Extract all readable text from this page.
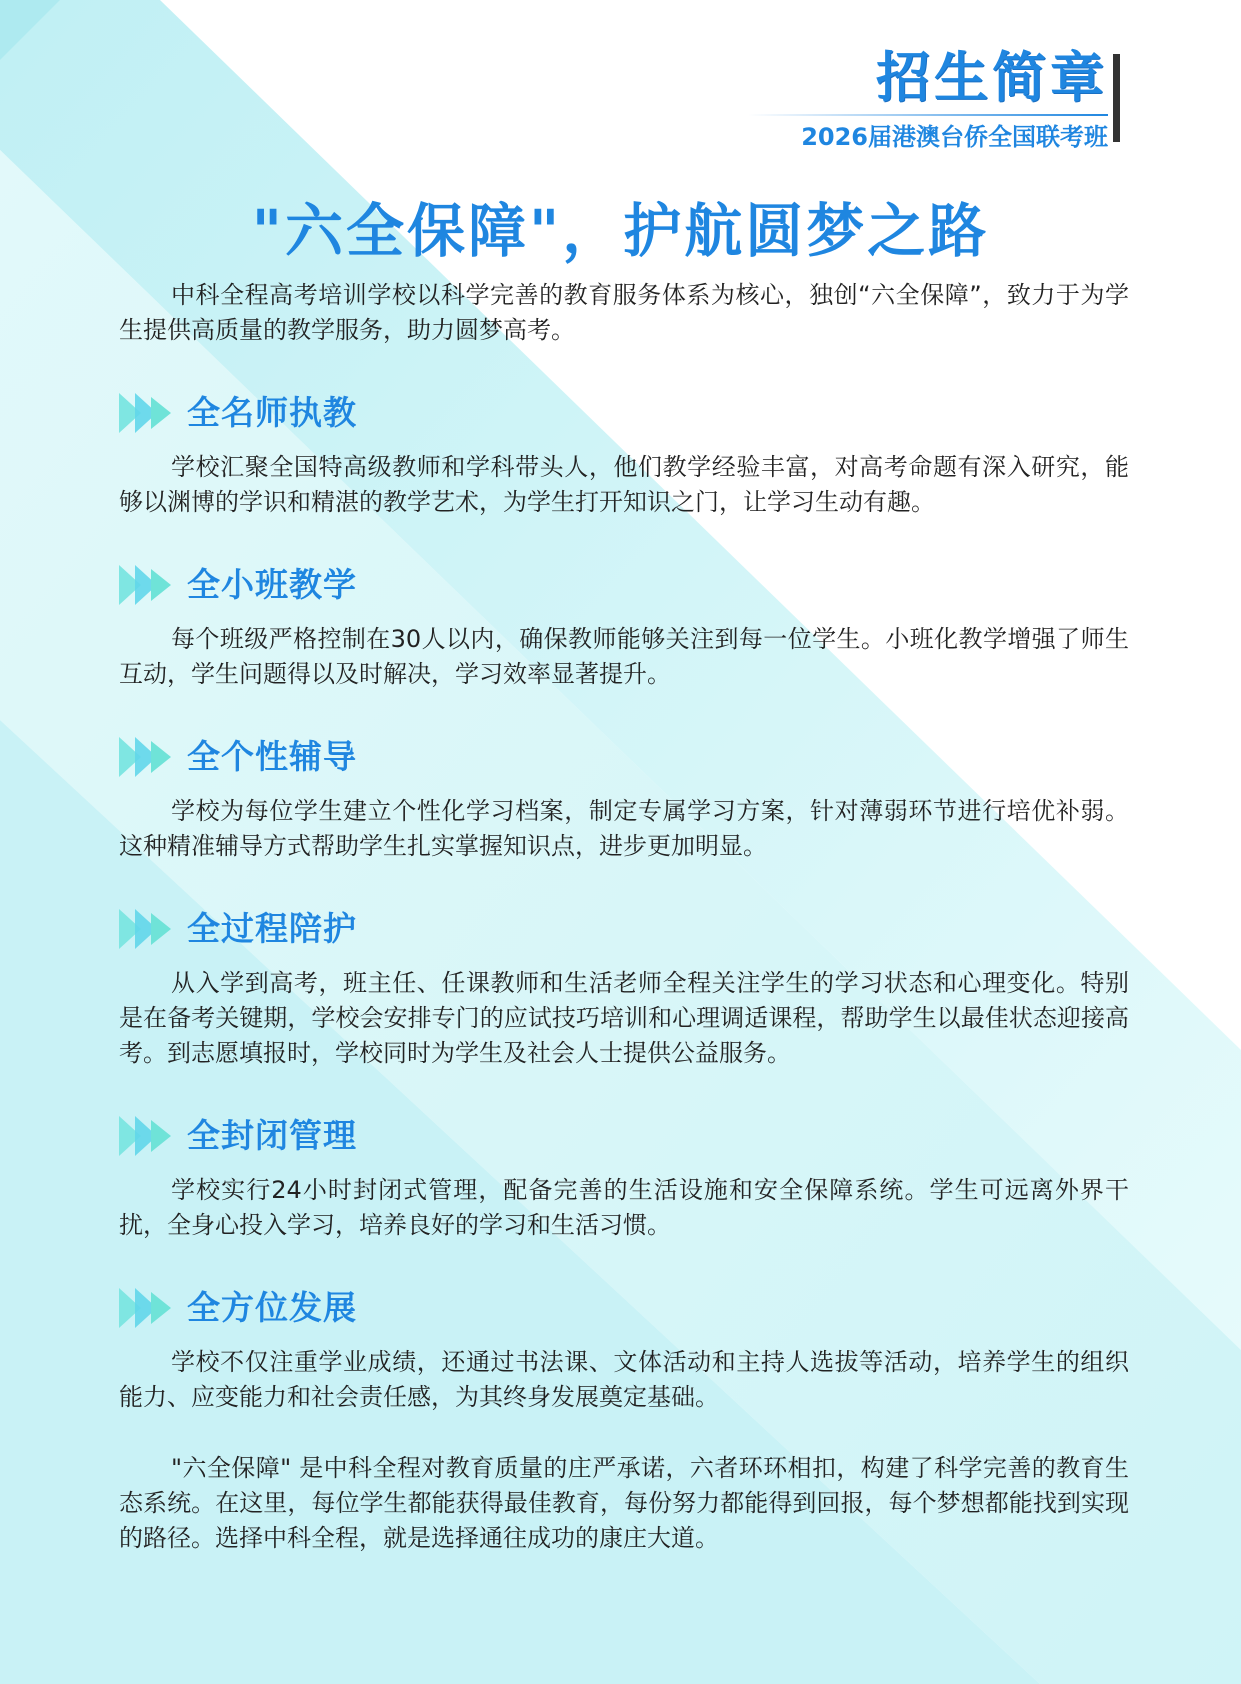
招生简章
2026届港澳台侨全国联考班
"六全保障"，护航圆梦之路

中科全程高考培训学校以科学完善的教育服务体系为核心，独创“六全保障”，致力于为学生提供高质量的教学服务，助力圆梦高考。

全名师执教

学校汇聚全国特高级教师和学科带头人，他们教学经验丰富，对高考命题有深入研究，能够以渊博的学识和精湛的教学艺术，为学生打开知识之门，让学习生动有趣。

全小班教学

每个班级严格控制在30人以内，确保教师能够关注到每一位学生。小班化教学增强了师生互动，学生问题得以及时解决，学习效率显著提升。

全个性辅导

学校为每位学生建立个性化学习档案，制定专属学习方案，针对薄弱环节进行培优补弱。这种精准辅导方式帮助学生扎实掌握知识点，进步更加明显。

全过程陪护

从入学到高考，班主任、任课教师和生活老师全程关注学生的学习状态和心理变化。特别是在备考关键期，学校会安排专门的应试技巧培训和心理调适课程，帮助学生以最佳状态迎接高考。到志愿填报时，学校同时为学生及社会人士提供公益服务。

全封闭管理

学校实行24小时封闭式管理，配备完善的生活设施和安全保障系统。学生可远离外界干扰，全身心投入学习，培养良好的学习和生活习惯。

全方位发展

学校不仅注重学业成绩，还通过书法课、文体活动和主持人选拔等活动，培养学生的组织能力、应变能力和社会责任感，为其终身发展奠定基础。

"六全保障" 是中科全程对教育质量的庄严承诺，六者环环相扣，构建了科学完善的教育生态系统。在这里，每位学生都能获得最佳教育，每份努力都能得到回报，每个梦想都能找到实现的路径。选择中科全程，就是选择通往成功的康庄大道。
